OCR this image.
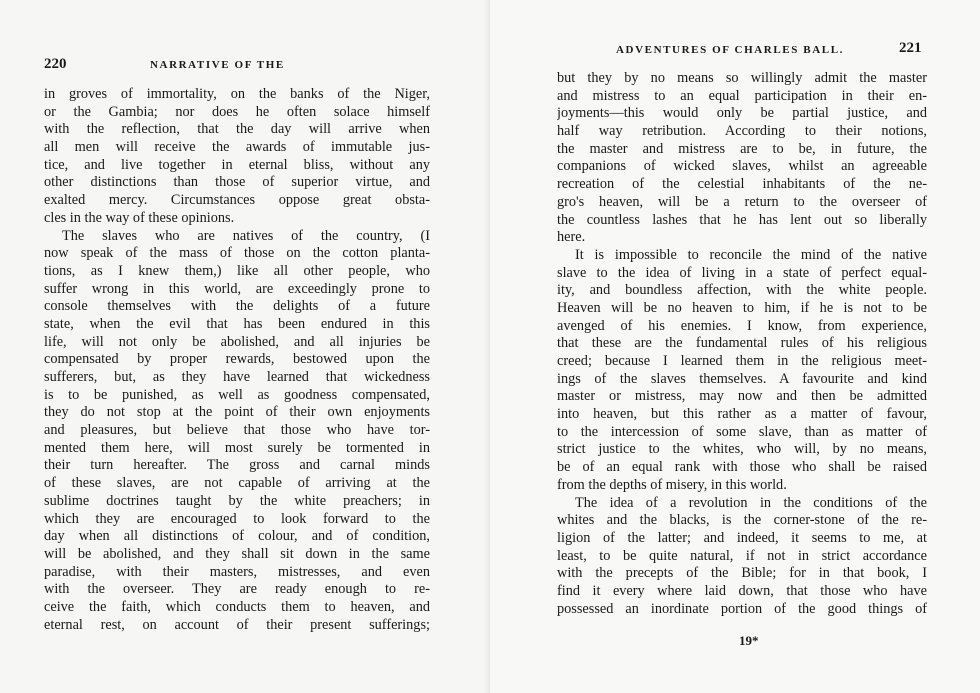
220	NARRATIVE OF THE
in groves of immortality, on the banks of the Niger,
or the Gambia; nor does he often solace himself
with the reflection, that the day will arrive when
all men will receive the awards of immutable jus-
tice, and live together in eternal bliss, without any
other distinctions than those of superior virtue, and
exalted mercy. Circumstances oppose great obsta-
cles in the way of these opinions.
The slaves who are natives of the country, (I
now speak of the mass of those on the cotton planta-
tions, as I knew them,) like all other people, who
suffer wrong in this world, are exceedingly prone to
console themselves with the delights of a future
state, when the evil that has been endured in this
life, will not only be abolished, and all injuries be
compensated by proper rewards, bestowed upon the
sufferers, but, as they have learned that wickedness
is to be punished, as well as goodness compensated,
they do not stop at the point of their own enjoyments
and pleasures, but believe that those who have tor-
mented them here, will most surely be tormented in
their turn hereafter. The gross and carnal minds
of these slaves, are not capable of arriving at the
sublime doctrines taught by the white preachers; in
which they are encouraged to look forward to the
day when all distinctions of colour, and of condition,
will be abolished, and they shall sit down in the same
paradise, with their masters, mistresses, and even
with the overseer. They are ready enough to re-
ceive the faith, which conducts them to heaven, and
eternal rest, on account of their present sufferings;
ADVENTURES OF CHARLES BALL.	221
but they by no means so willingly admit the master
and mistress to an equal participation in their en-
joyments—this would only be partial justice, and
half way retribution. According to their notions,
the master and mistress are to be, in future, the
companions of wicked slaves, whilst an agreeable
recreation of the celestial inhabitants of the ne-
gro's heaven, will be a return to the overseer of
the countless lashes that he has lent out so liberally
here.
It is impossible to reconcile the mind of the native
slave to the idea of living in a state of perfect equal-
ity, and boundless affection, with the white people.
Heaven will be no heaven to him, if he is not to be
avenged of his enemies. I know, from experience,
that these are the fundamental rules of his religious
creed; because I learned them in the religious meet-
ings of the slaves themselves. A favourite and kind
master or mistress, may now and then be admitted
into heaven, but this rather as a matter of favour,
to the intercession of some slave, than as matter of
strict justice to the whites, who will, by no means,
be of an equal rank with those who shall be raised
from the depths of misery, in this world.
The idea of a revolution in the conditions of the
whites and the blacks, is the corner-stone of the re-
ligion of the latter; and indeed, it seems to me, at
least, to be quite natural, if not in strict accordance
with the precepts of the Bible; for in that book, I
find it every where laid down, that those who have
possessed an inordinate portion of the good things of
19*
